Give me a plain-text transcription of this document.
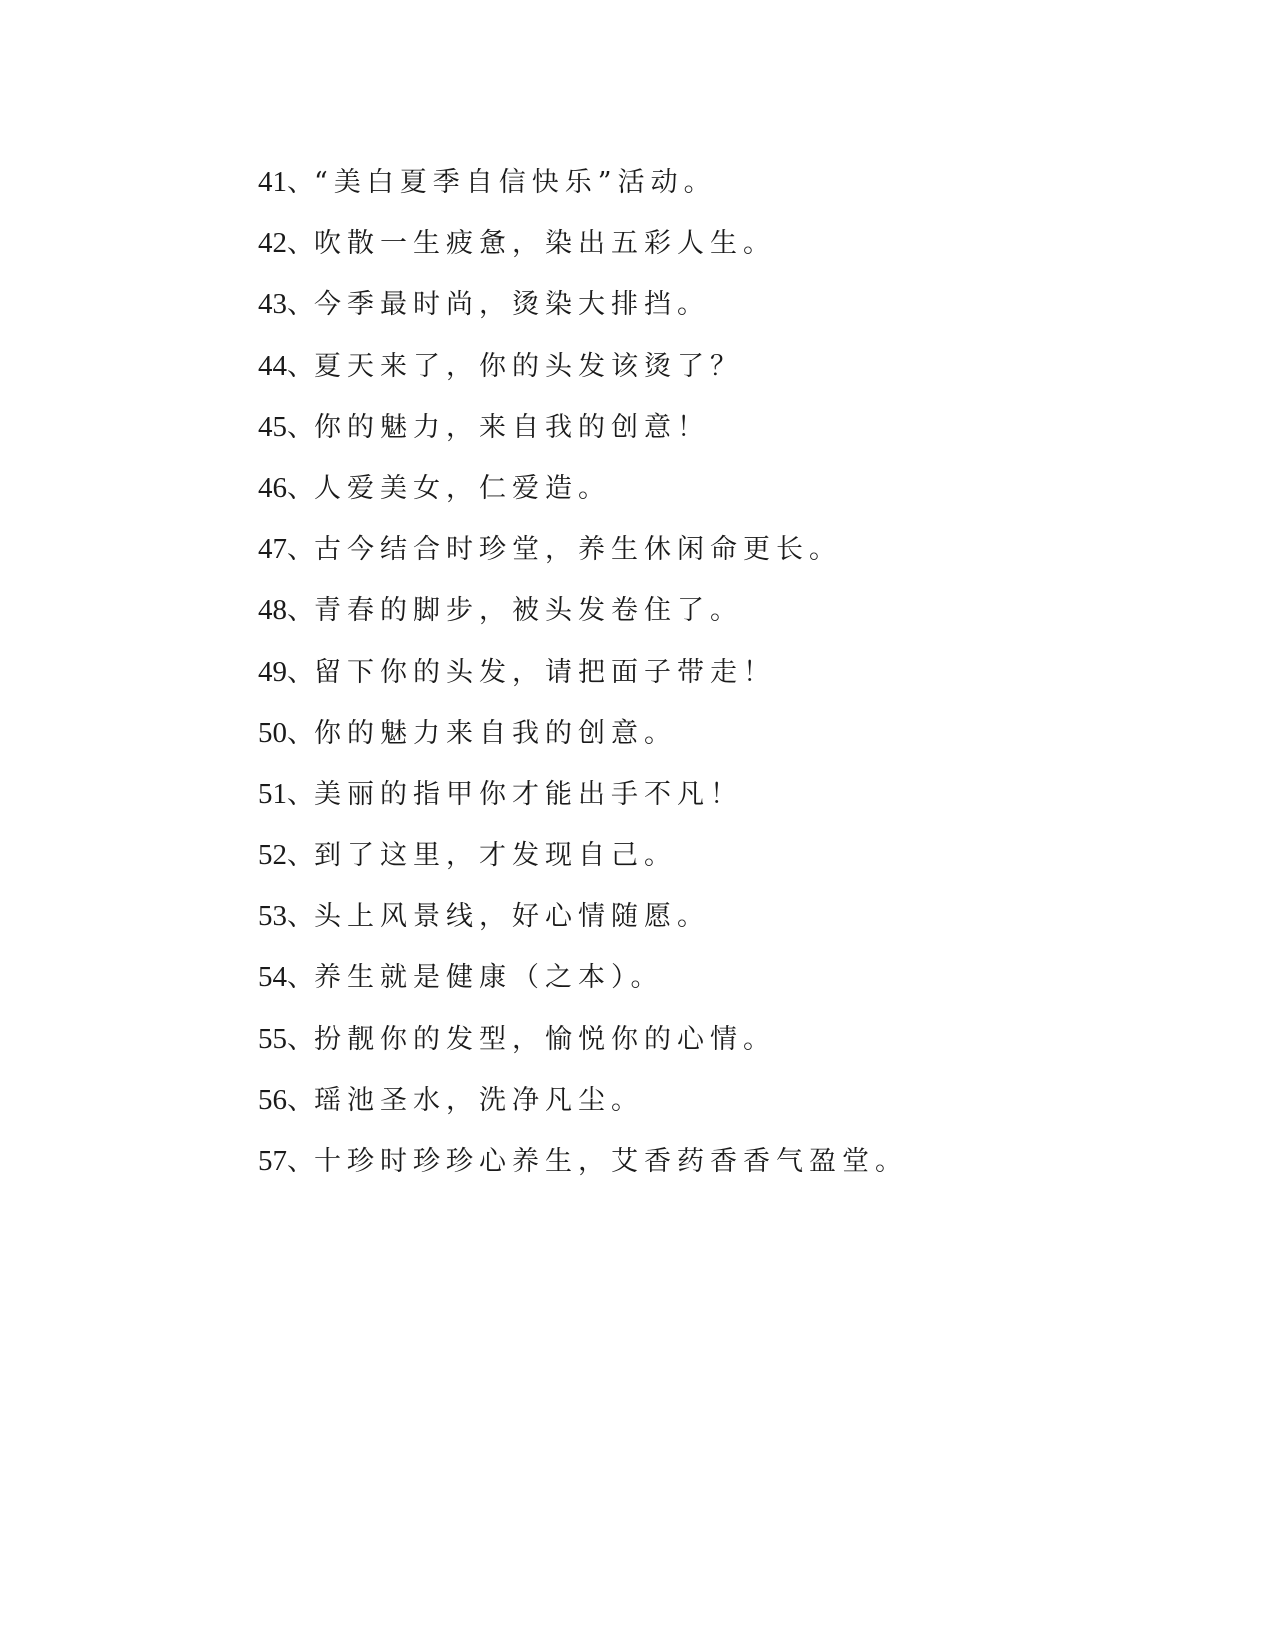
41 、 “美白夏季自信快乐”活动。
42 、 吹散一生疲惫，染出五彩人生。
43 、 今季最时尚，烫染大排挡。
44 、 夏天来了，你的头发该烫了？
45 、 你的魅力，来自我的创意！
46 、 人爱美女，仁爱造。
47 、 古今结合时珍堂，养生休闲命更长。
48 、 青春的脚步，被头发卷住了。
49 、 留下你的头发，请把面子带走！
50 、 你的魅力来自我的创意。
51 、 美丽的指甲你才能出手不凡！
52 、 到了这里，才发现自己。
53 、 头上风景线，好心情随愿。
54 、 养生就是健康（之本）。
55 、 扮靓你的发型，愉悦你的心情。
56 、 瑶池圣水，洗净凡尘。
57 、 十珍时珍珍心养生，艾香药香香气盈堂。
